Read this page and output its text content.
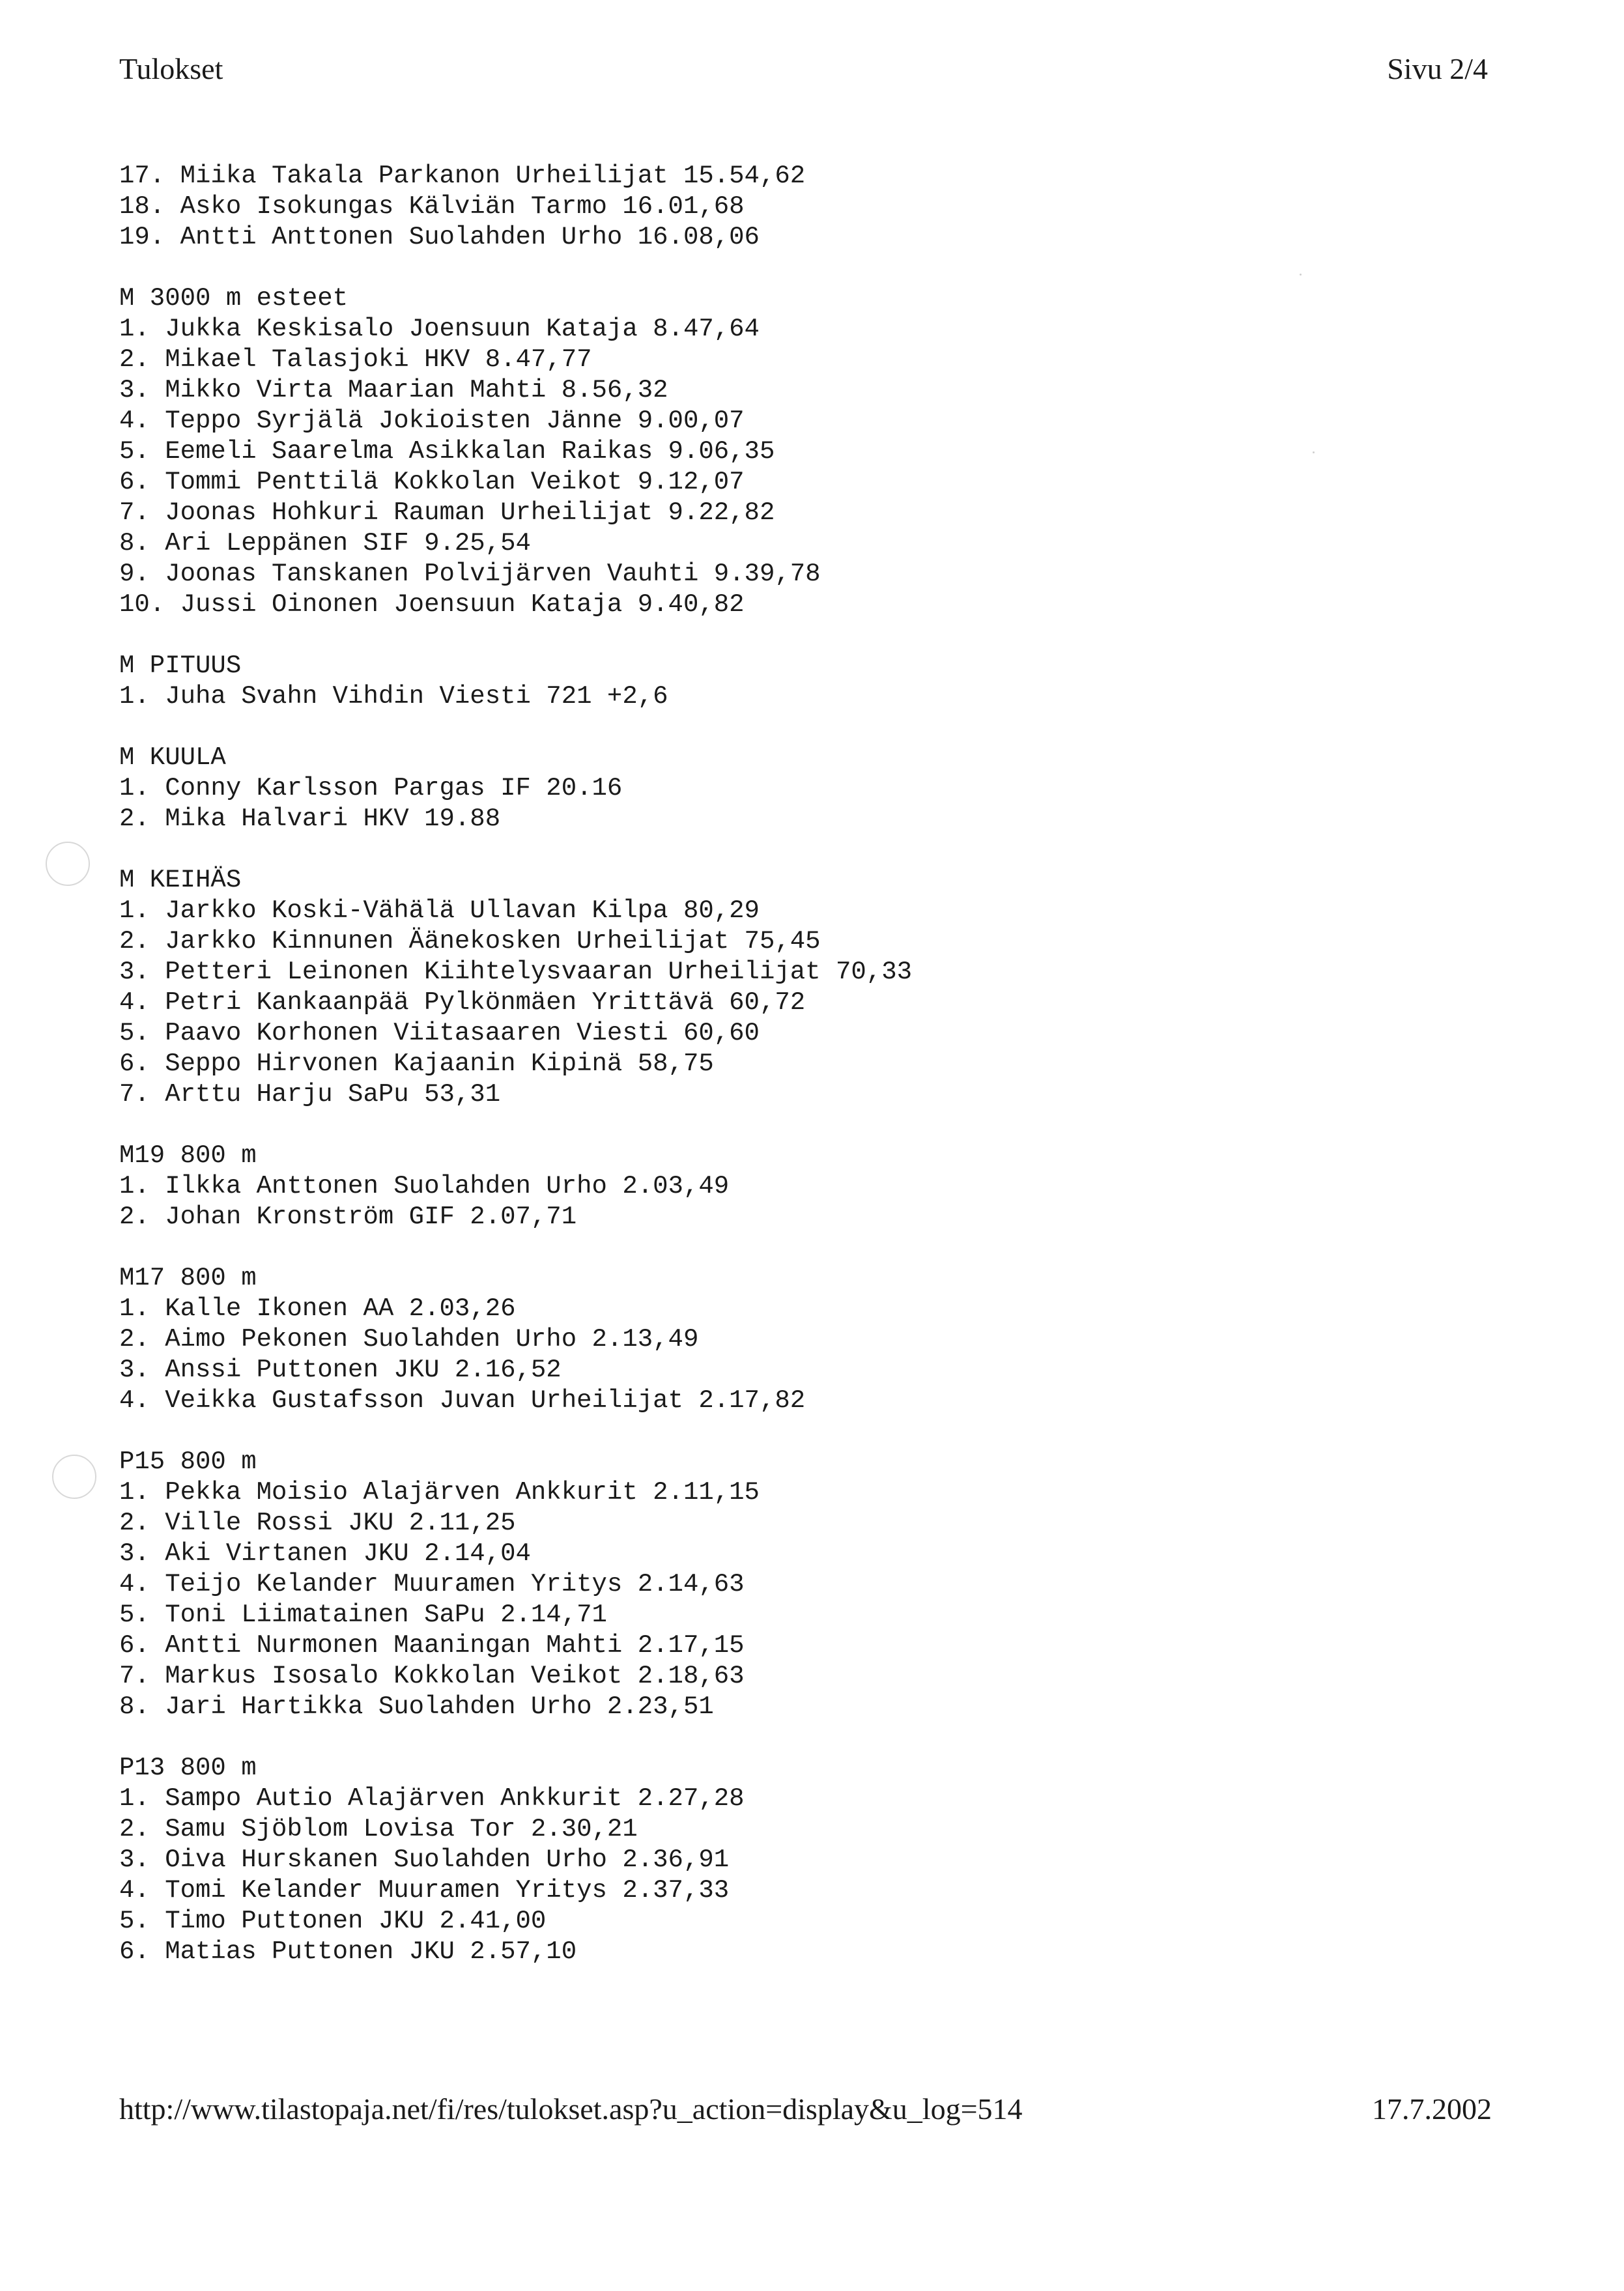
Tulokset	Sivu 2/4
17. Miika Takala Parkanon Urheilijat 15.54,62
18. Asko Isokungas Kälviän Tarmo 16.01,68
19. Antti Anttonen Suolahden Urho 16.08,06
M 3000 m esteet
1. Jukka Keskisalo Joensuun Kataja 8.47,64
2. Mikael Talasjoki HKV 8.47,77
3. Mikko Virta Maarian Mahti 8.56,32
4. Teppo Syrjälä Jokioisten Jänne 9.00,07
5. Eemeli Saarelma Asikkalan Raikas 9.06,35
6. Tommi Penttilä Kokkolan Veikot 9.12,07
7. Joonas Hohkuri Rauman Urheilijat 9.22,82
8. Ari Leppänen SIF 9.25,54
9. Joonas Tanskanen Polvijärven Vauhti 9.39,78
10. Jussi Oinonen Joensuun Kataja 9.40,82
M PITUUS
1. Juha Svahn Vihdin Viesti 721 +2,6
M KUULA
1. Conny Karlsson Pargas IF 20.16
2. Mika Halvari HKV 19.88
M KEIHÄS
1. Jarkko Koski-Vähälä Ullavan Kilpa 80,29
2. Jarkko Kinnunen Äänekosken Urheilijat 75,45
3. Petteri Leinonen Kiihtelysvaaran Urheilijat 70,33
4. Petri Kankaanpää Pylkönmäen Yrittävä 60,72
5. Paavo Korhonen Viitasaaren Viesti 60,60
6. Seppo Hirvonen Kajaanin Kipinä 58,75
7. Arttu Harju SaPu 53,31
M19 800 m
1. Ilkka Anttonen Suolahden Urho 2.03,49
2. Johan Kronström GIF 2.07,71
M17 800 m
1. Kalle Ikonen AA 2.03,26
2. Aimo Pekonen Suolahden Urho 2.13,49
3. Anssi Puttonen JKU 2.16,52
4. Veikka Gustafsson Juvan Urheilijat 2.17,82
P15 800 m
1. Pekka Moisio Alajärven Ankkurit 2.11,15
2. Ville Rossi JKU 2.11,25
3. Aki Virtanen JKU 2.14,04
4. Teijo Kelander Muuramen Yritys 2.14,63
5. Toni Liimatainen SaPu 2.14,71
6. Antti Nurmonen Maaningan Mahti 2.17,15
7. Markus Isosalo Kokkolan Veikot 2.18,63
8. Jari Hartikka Suolahden Urho 2.23,51
P13 800 m
1. Sampo Autio Alajärven Ankkurit 2.27,28
2. Samu Sjöblom Lovisa Tor 2.30,21
3. Oiva Hurskanen Suolahden Urho 2.36,91
4. Tomi Kelander Muuramen Yritys 2.37,33
5. Timo Puttonen JKU 2.41,00
6. Matias Puttonen JKU 2.57,10
http://www.tilastopaja.net/fi/res/tulokset.asp?u_action=display&u_log=514	17.7.2002
